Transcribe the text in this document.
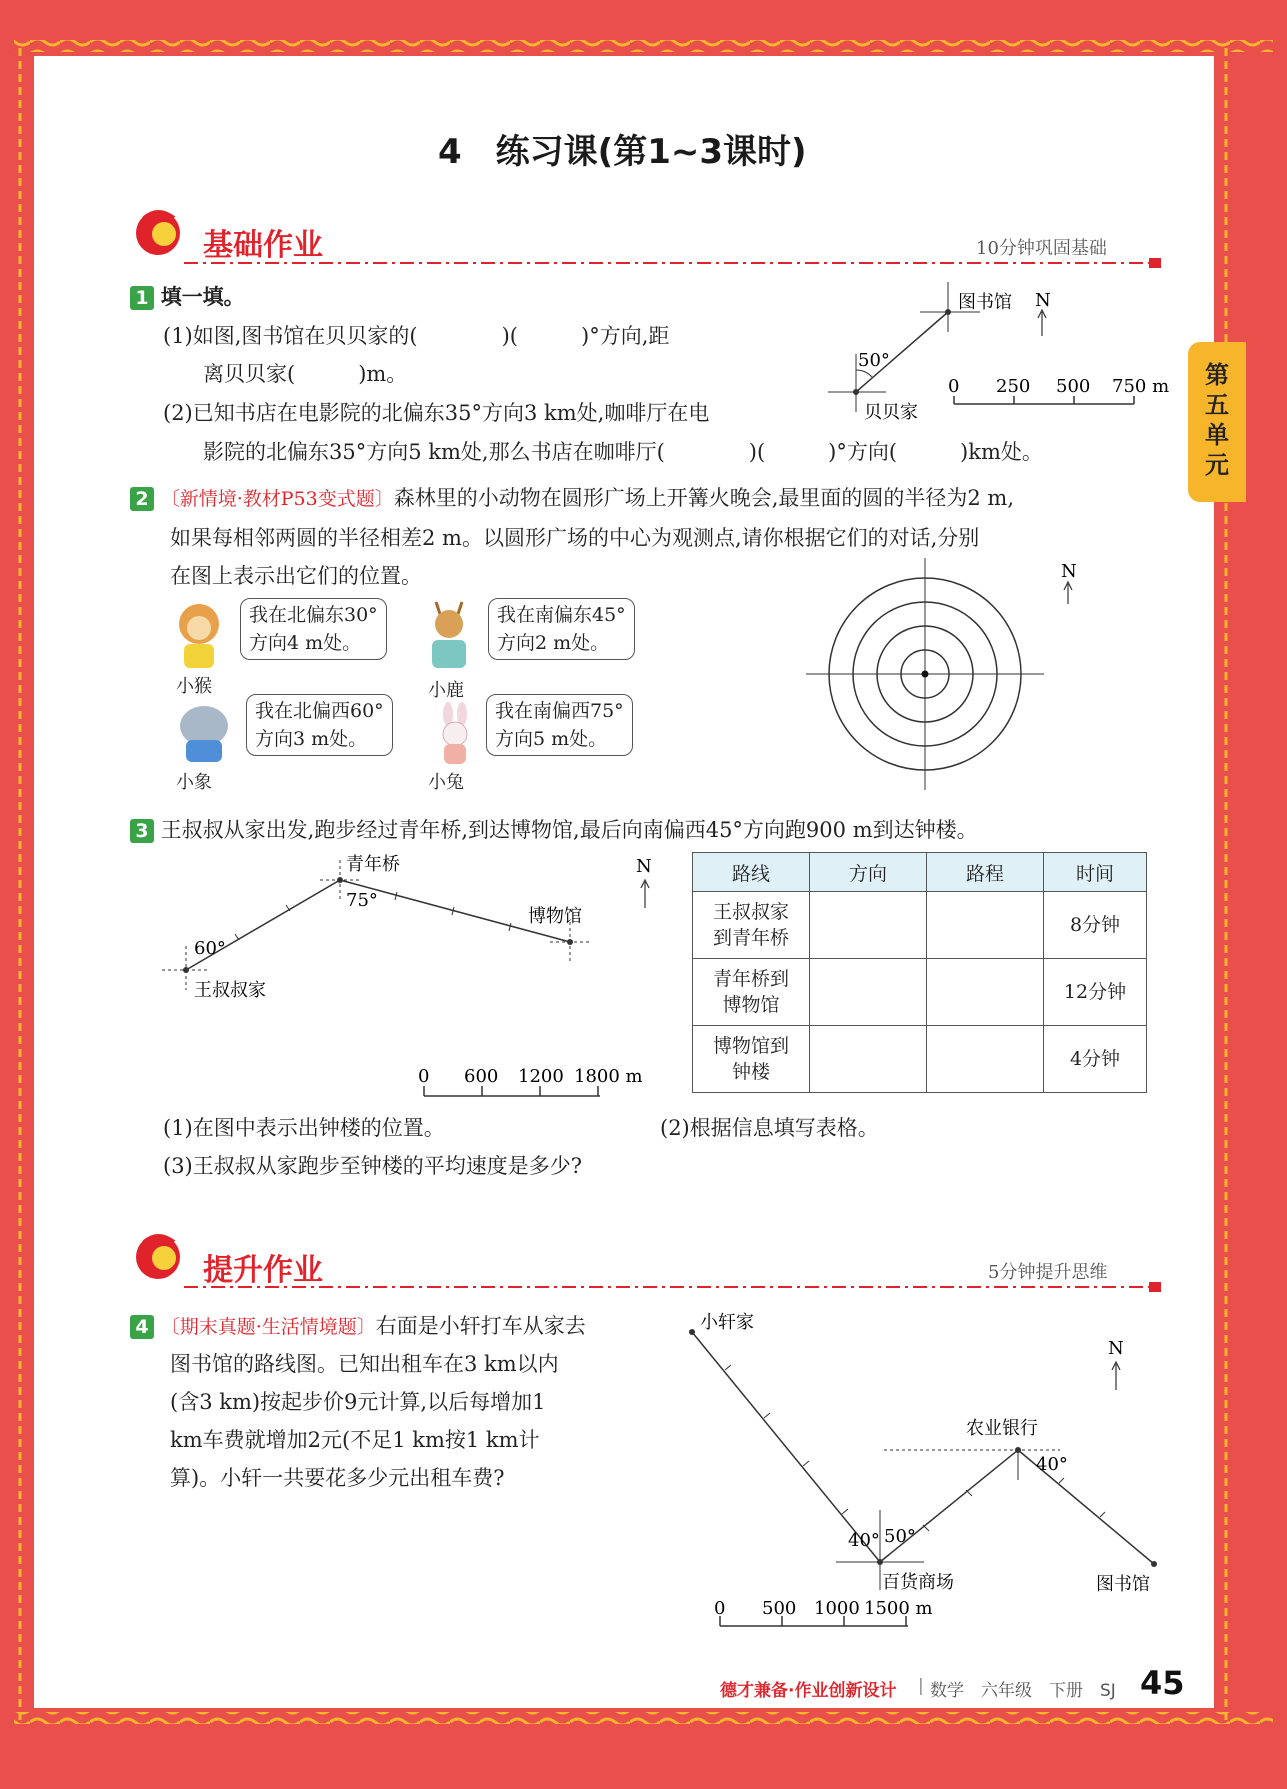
第五单元
4　练习课(第1~3课时)
基础作业	10分钟巩固基础
1 填一填。
(1)如图,图书馆在贝贝家的(　　　　)(　　　)°方向,距
离贝贝家(　　　)m。
(2)已知书店在电影院的北偏东35°方向3 km处,咖啡厅在电
影院的北偏东35°方向5 km处,那么书店在咖啡厅(　　　　)(　　　)°方向(　　　)km处。
50°
图书馆
贝贝家
N
0 250 500 750 m
2 〔新情境·教材P53变式题〕森林里的小动物在圆形广场上开篝火晚会,最里面的圆的半径为2 m,
如果每相邻两圆的半径相差2 m。以圆形广场的中心为观测点,请你根据它们的对话,分别
在图上表示出它们的位置。
小猴
我在北偏东30°
方向4 m处。
小鹿
我在南偏东45°
方向2 m处。
小象
我在北偏西60°
方向3 m处。
小兔
我在南偏西75°
方向5 m处。
N
3 王叔叔从家出发,跑步经过青年桥,到达博物馆,最后向南偏西45°方向跑900 m到达钟楼。
青年桥
75°
博物馆
王叔叔家
60°
N
0 600 1200 1800 m
路线	方向	路程	时间

王叔叔家
到青年桥			8分钟

青年桥到
博物馆			12分钟

博物馆到
钟楼			4分钟
(1)在图中表示出钟楼的位置。	(2)根据信息填写表格。
(3)王叔叔从家跑步至钟楼的平均速度是多少?
提升作业	5分钟提升思维
4 〔期末真题·生活情境题〕右面是小轩打车从家去
图书馆的路线图。已知出租车在3 km以内
(含3 km)按起步价9元计算,以后每增加1
km车费就增加2元(不足1 km按1 km计
算)。小轩一共要花多少元出租车费?
小轩家
农业银行
百货商场	图书馆
40° 50°
40°
N
0 500 1000 1500 m
德才兼备·作业创新设计 | 数学　六年级　下册　SJ 45
